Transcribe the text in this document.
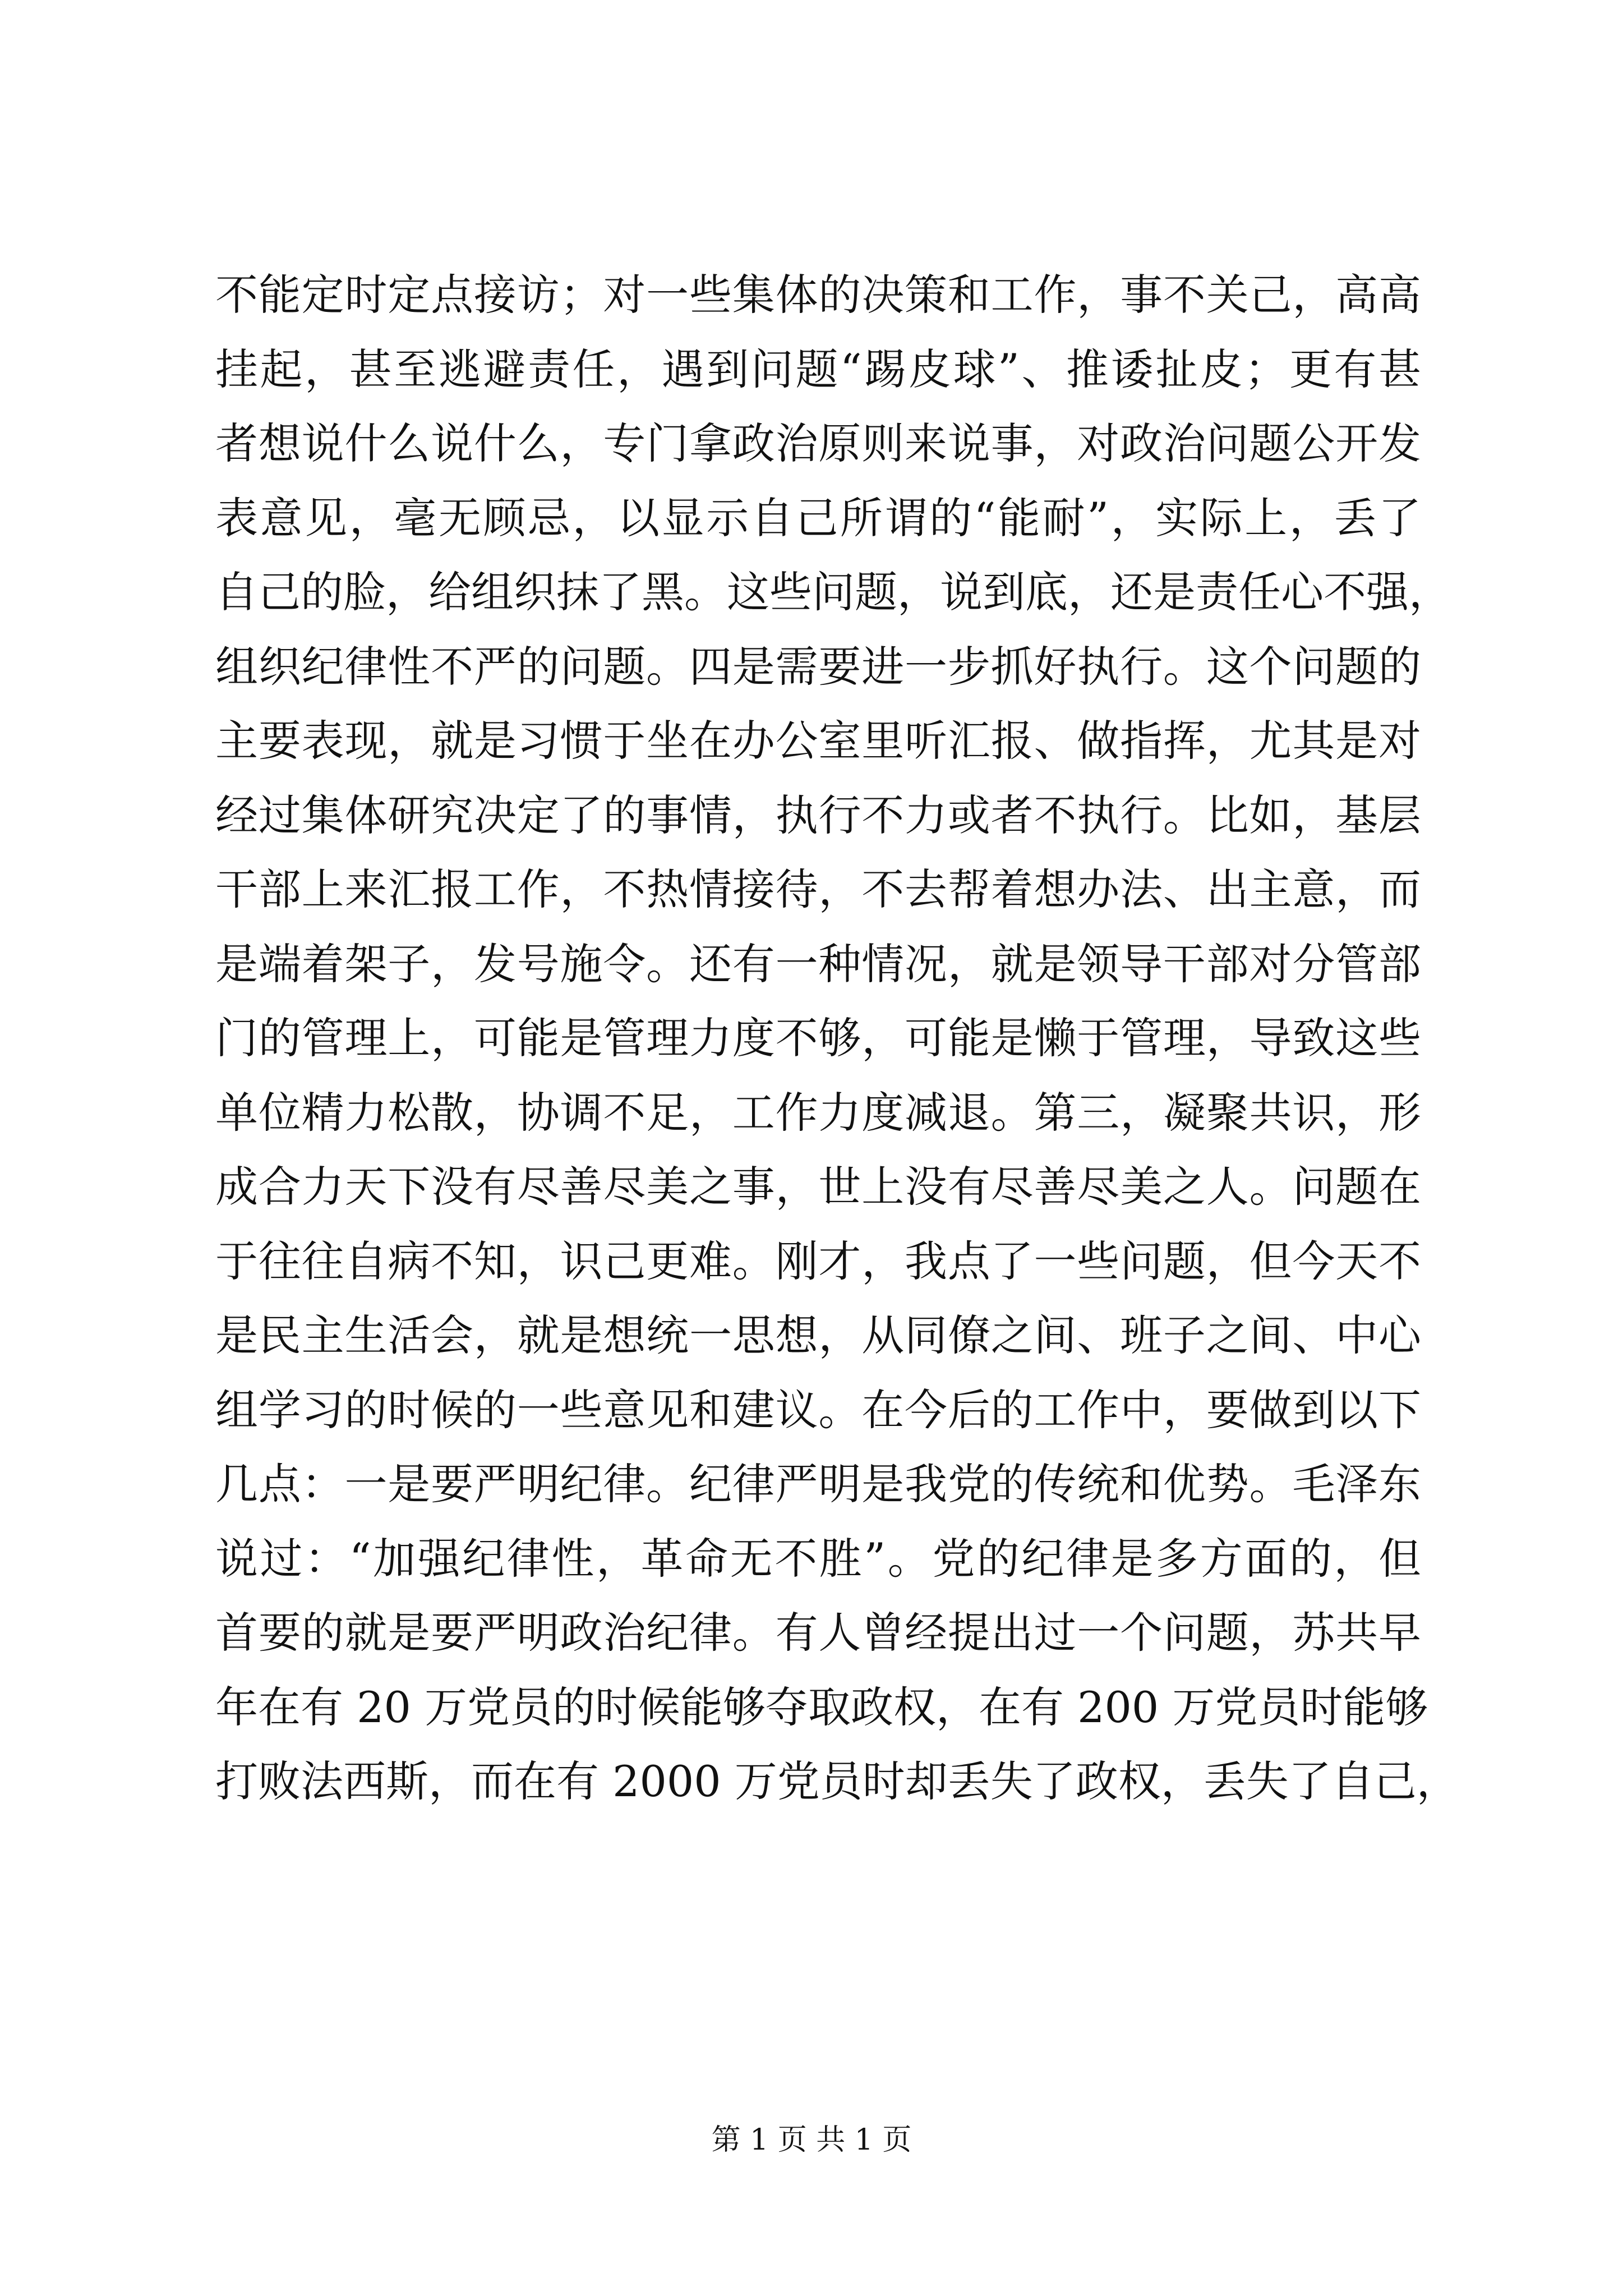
不能定时定点接访；对一些集体的决策和工作，事不关己，高高
挂起，甚至逃避责任，遇到问题“踢皮球”、推诿扯皮；更有甚
者想说什么说什么，专门拿政治原则来说事，对政治问题公开发
表意见，毫无顾忌，以显示自己所谓的“能耐”，实际上，丢了
自己的脸，给组织抹了黑。这些问题，说到底，还是责任心不强，
组织纪律性不严的问题。四是需要进一步抓好执行。这个问题的
主要表现，就是习惯于坐在办公室里听汇报、做指挥，尤其是对
经过集体研究决定了的事情，执行不力或者不执行。比如，基层
干部上来汇报工作，不热情接待，不去帮着想办法、出主意，而
是端着架子，发号施令。还有一种情况，就是领导干部对分管部
门的管理上，可能是管理力度不够，可能是懒于管理，导致这些
单位精力松散，协调不足，工作力度减退。第三，凝聚共识，形
成合力天下没有尽善尽美之事，世上没有尽善尽美之人。问题在
于往往自病不知，识己更难。刚才，我点了一些问题，但今天不
是民主生活会，就是想统一思想，从同僚之间、班子之间、中心
组学习的时候的一些意见和建议。在今后的工作中，要做到以下
几点：一是要严明纪律。纪律严明是我党的传统和优势。毛泽东
说过：“加强纪律性，革命无不胜”。党的纪律是多方面的，但
首要的就是要严明政治纪律。有人曾经提出过一个问题，苏共早
年在有 20 万党员的时候能够夺取政权，在有 200 万党员时能够
打败法西斯，而在有 2000 万党员时却丢失了政权，丢失了自己，
第 1 页 共 1 页
